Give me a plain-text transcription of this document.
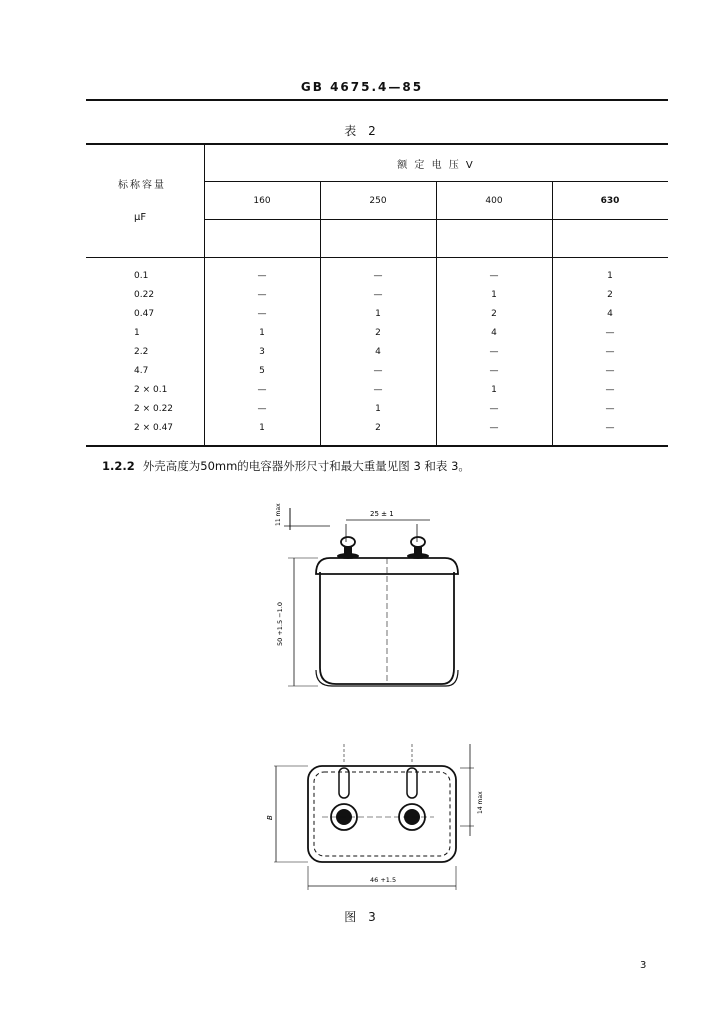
GB 4675.4—85
表 2
标称容量
μF
额 定 电 压 V
160	250	400	630
0.1	—	—	—	1
0.22	—	—	1	2
0.47	—	1	2	4
1	1	2	4	—
2.2	3	4	—	—
4.7	5	—	—	—
2 × 0.1	—	—	1	—
2 × 0.22	—	1	—	—
2 × 0.47	1	2	—	—
1.2.2 外壳高度为50mm的电容器外形尺寸和最大重量见图 3 和表 3。
11 max	25 ± 1
50 +1.5 −1.0
B
14 max
46 +1.5
图 3
3
